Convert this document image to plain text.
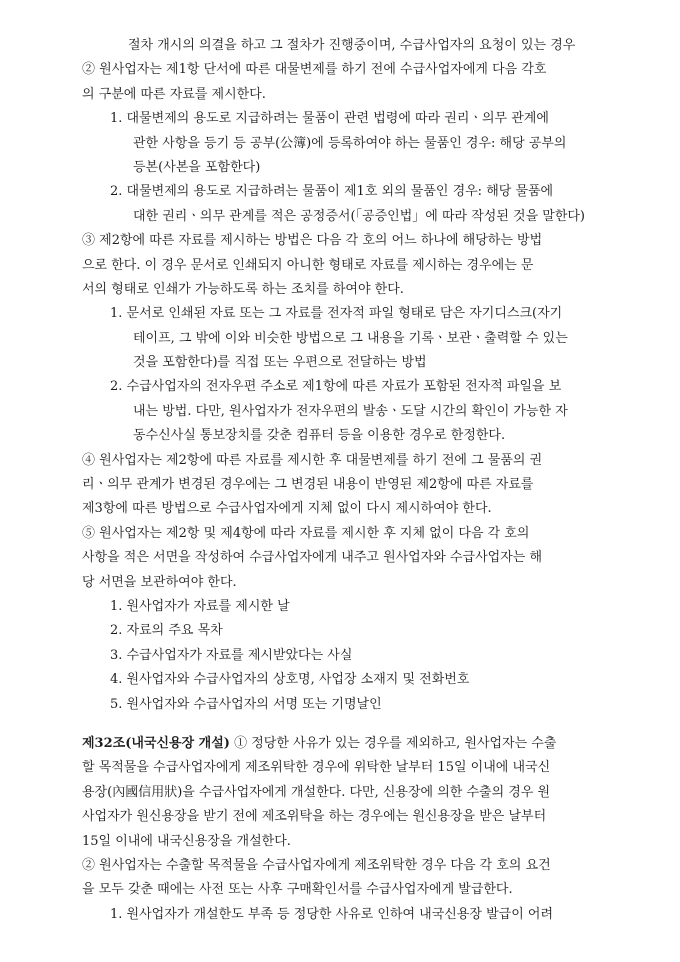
절차 개시의 의결을 하고 그 절차가 진행중이며, 수급사업자의 요청이 있는 경우
② 원사업자는 제1항 단서에 따른 대물변제를 하기 전에 수급사업자에게 다음 각호
의 구분에 따른 자료를 제시한다.
1. 대물변제의 용도로 지급하려는 물품이 관련 법령에 따라 권리ㆍ의무 관계에
관한 사항을 등기 등 공부(公簿)에 등록하여야 하는 물품인 경우: 해당 공부의
등본(사본을 포함한다)
2. 대물변제의 용도로 지급하려는 물품이 제1호 외의 물품인 경우: 해당 물품에
대한 권리ㆍ의무 관계를 적은 공정증서(「공증인법」에 따라 작성된 것을 말한다)
③ 제2항에 따른 자료를 제시하는 방법은 다음 각 호의 어느 하나에 해당하는 방법
으로 한다. 이 경우 문서로 인쇄되지 아니한 형태로 자료를 제시하는 경우에는 문
서의 형태로 인쇄가 가능하도록 하는 조치를 하여야 한다.
1. 문서로 인쇄된 자료 또는 그 자료를 전자적 파일 형태로 담은 자기디스크(자기
테이프, 그 밖에 이와 비슷한 방법으로 그 내용을 기록ㆍ보관ㆍ출력할 수 있는
것을 포함한다)를 직접 또는 우편으로 전달하는 방법
2. 수급사업자의 전자우편 주소로 제1항에 따른 자료가 포함된 전자적 파일을 보
내는 방법. 다만, 원사업자가 전자우편의 발송ㆍ도달 시간의 확인이 가능한 자
동수신사실 통보장치를 갖춘 컴퓨터 등을 이용한 경우로 한정한다.
④ 원사업자는 제2항에 따른 자료를 제시한 후 대물변제를 하기 전에 그 물품의 권
리ㆍ의무 관계가 변경된 경우에는 그 변경된 내용이 반영된 제2항에 따른 자료를
제3항에 따른 방법으로 수급사업자에게 지체 없이 다시 제시하여야 한다.
⑤ 원사업자는 제2항 및 제4항에 따라 자료를 제시한 후 지체 없이 다음 각 호의
사항을 적은 서면을 작성하여 수급사업자에게 내주고 원사업자와 수급사업자는 해
당 서면을 보관하여야 한다.
1. 원사업자가 자료를 제시한 날
2. 자료의 주요 목차
3. 수급사업자가 자료를 제시받았다는 사실
4. 원사업자와 수급사업자의 상호명, 사업장 소재지 및 전화번호
5. 원사업자와 수급사업자의 서명 또는 기명날인
제32조(내국신용장 개설) ① 정당한 사유가 있는 경우를 제외하고, 원사업자는 수출
할 목적물을 수급사업자에게 제조위탁한 경우에 위탁한 날부터 15일 이내에 내국신
용장(內國信用狀)을 수급사업자에게 개설한다. 다만, 신용장에 의한 수출의 경우 원
사업자가 원신용장을 받기 전에 제조위탁을 하는 경우에는 원신용장을 받은 날부터
15일 이내에 내국신용장을 개설한다.
② 원사업자는 수출할 목적물을 수급사업자에게 제조위탁한 경우 다음 각 호의 요건
을 모두 갖춘 때에는 사전 또는 사후 구매확인서를 수급사업자에게 발급한다.
1. 원사업자가 개설한도 부족 등 정당한 사유로 인하여 내국신용장 발급이 어려
